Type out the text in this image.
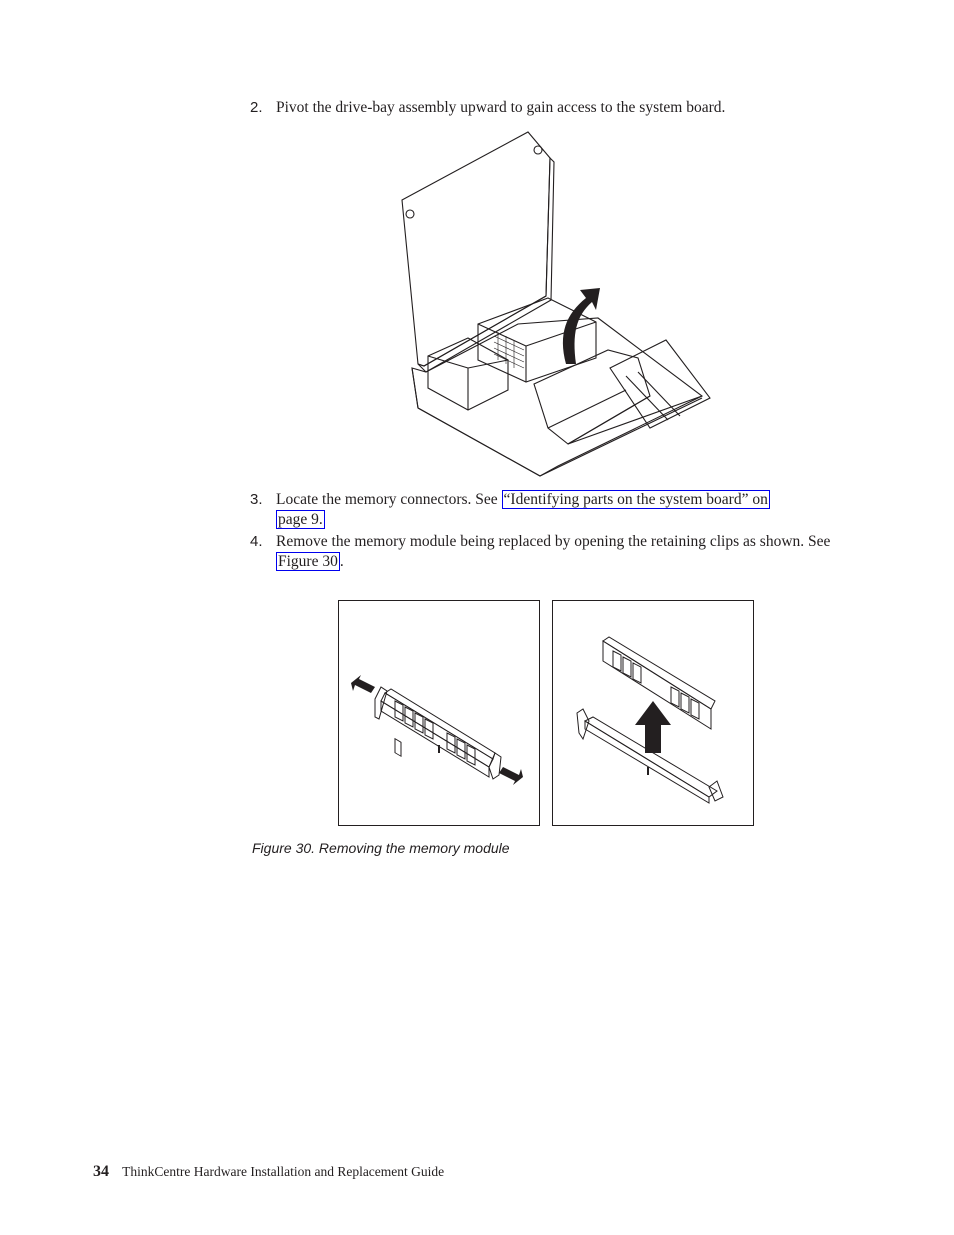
2. Pivot the drive-bay assembly upward to gain access to the system board.
3. Locate the memory connectors. See “Identifying parts on the system board” on
page 9.
4. Remove the memory module being replaced by opening the retaining clips as shown. See Figure 30 .
Figure 30. Removing the memory module
34 ThinkCentre Hardware Installation and Replacement Guide
